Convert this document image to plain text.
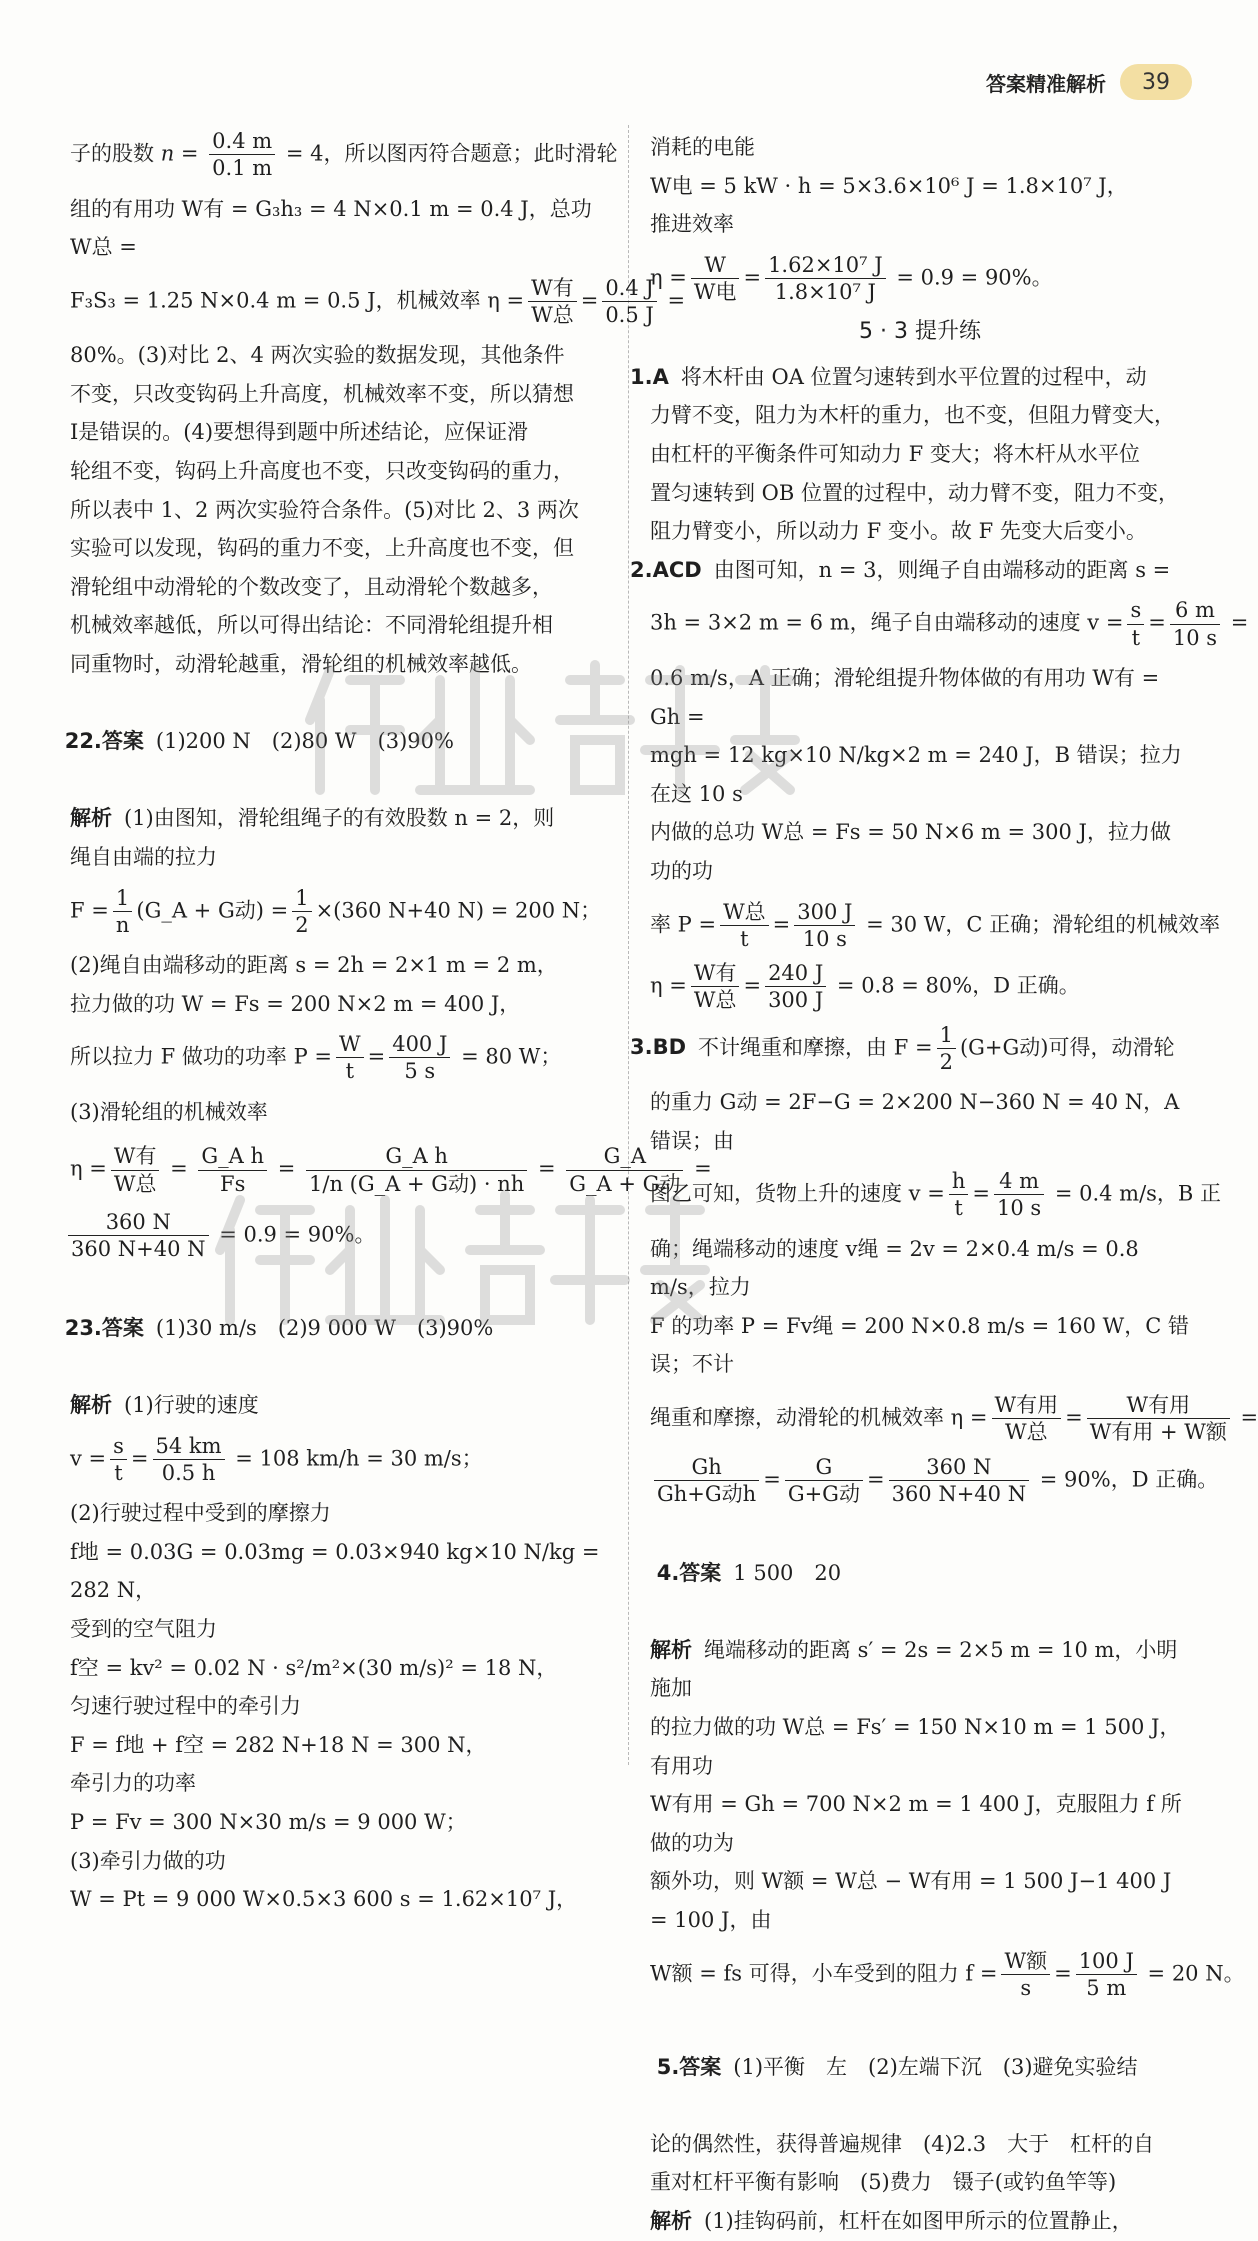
答案精准解析	39
子的股数 $n = \frac{0.4 m}{0.1 m} = 4$，所以图丙符合题意；此时滑轮
组的有用功 W有 = G₃h₃ = 4 N×0.1 m = 0.4 J，总功 W总 =
F₃S₃ = 1.25 N×0.4 m = 0.5 J，机械效率 $\eta = \frac{\text{W有}}{\text{W总}} = \frac{0.4 J}{0.5 J}$ =
80%。(3)对比 2、4 两次实验的数据发现，其他条件
不变，只改变钩码上升高度，机械效率不变，所以猜想
Ⅰ是错误的。(4)要想得到题中所述结论，应保证滑
轮组不变，钩码上升高度也不变，只改变钩码的重力，
所以表中 1、2 两次实验符合条件。(5)对比 2、3 两次
实验可以发现，钩码的重力不变，上升高度也不变，但
滑轮组中动滑轮的个数改变了，且动滑轮个数越多，
机械效率越低，所以可得出结论：不同滑轮组提升相
同重物时，动滑轮越重，滑轮组的机械效率越低。

22.答案 (1)200 N　(2)80 W　(3)90%

解析 (1)由图知，滑轮组绳子的有效股数 n = 2，则
绳自由端的拉力
$F = \frac{1}{n}$ (G_A + G动) = $\frac{1}{2} \times(360$ N+40 N) = 200 N；
(2)绳自由端移动的距离 s = 2h = 2×1 m = 2 m，
拉力做的功 W = Fs = 200 N×2 m = 400 J，
所以拉力 F 做功的功率 $P = \frac{W}{t} = \frac{400 J}{5 s} = 80$ W；
(3)滑轮组的机械效率
$\eta = \frac{\text{W有}}{\text{W总}} = \frac{\text{G\_A h}}{Fs} = \frac{\text{G\_A h}}{\text{1/n (G\_A + G动) · nh}} = \frac{G\_A}{\text{G\_A + G动}}$ =
$\frac{360 N}{360 N+40 N} = 0.9 = 90\%$。

23.答案 (1)30 m/s　(2)9 000 W　(3)90%

解析 (1)行驶的速度
$v = \frac{s}{t} = \frac{54 km}{0.5 h} = 108$ km/h = 30 m/s；
(2)行驶过程中受到的摩擦力
f地 = 0.03G = 0.03mg = 0.03×940 kg×10 N/kg = 282 N，
受到的空气阻力
f空 = kv² = 0.02 N · s²/m²×(30 m/s)² = 18 N，
匀速行驶过程中的牵引力
F = f地 + f空 = 282 N+18 N = 300 N，
牵引力的功率
P = Fv = 300 N×30 m/s = 9 000 W；
(3)牵引力做的功
W = Pt = 9 000 W×0.5×3 600 s = 1.62×10⁷ J，
消耗的电能
W电 = 5 kW · h = 5×3.6×10⁶ J = 1.8×10⁷ J，
推进效率
$\eta = \frac{W}{\text{W电}} = \frac{\text{1.62×10⁷ J}}{\text{1.8×10⁷ J}} = 0.9 = 90\%$。
5 · 3 提升练
1.A 将木杆由 OA 位置匀速转到水平位置的过程中，动
力臂不变，阻力为木杆的重力，也不变，但阻力臂变大，
由杠杆的平衡条件可知动力 F 变大；将木杆从水平位
置匀速转到 OB 位置的过程中，动力臂不变，阻力不变，
阻力臂变小，所以动力 F 变小。故 F 先变大后变小。
2.ACD 由图可知，n = 3，则绳子自由端移动的距离 s =
3h = 3×2 m = 6 m，绳子自由端移动的速度 $v = \frac{s}{t} = \frac{6 m}{10 s}$ =
0.6 m/s，A 正确；滑轮组提升物体做的有用功 W有 = Gh =
mgh = 12 kg×10 N/kg×2 m = 240 J，B 错误；拉力在这 10 s
内做的总功 W总 = Fs = 50 N×6 m = 300 J，拉力做功的功
率 $P = \frac{\text{W总}}{t} = \frac{300 J}{10 s} = 30$ W，C 正确；滑轮组的机械效率
$\eta = \frac{\text{W有}}{\text{W总}} = \frac{240 J}{300 J} = 0.8 = 80\%$，D 正确。
3.BD 不计绳重和摩擦，由 $F = \frac{1}{2} (G+G$动)可得，动滑轮
的重力 G动 = 2F−G = 2×200 N−360 N = 40 N，A 错误；由
图乙可知，货物上升的速度 $v = \frac{h}{t} = \frac{4 m}{10 s} = 0.4$ m/s，B 正
确；绳端移动的速度 v绳 = 2v = 2×0.4 m/s = 0.8 m/s，拉力
F 的功率 P = Fv绳 = 200 N×0.8 m/s = 160 W，C 错误；不计
绳重和摩擦，动滑轮的机械效率 $\eta = \frac{\text{W有用}}{\text{W总}} = \frac{\text{W有用}}{\text{W有用 + W额}}$ =
$\frac{Gh}{\text{Gh+G动h}} = \frac{G}{\text{G+G动}} = \frac{360 N}{360 N+40 N} = 90\%$，D 正确。

4.答案 1 500　20

解析 绳端移动的距离 s′ = 2s = 2×5 m = 10 m，小明施加
的拉力做的功 W总 = Fs′ = 150 N×10 m = 1 500 J，有用功
W有用 = Gh = 700 N×2 m = 1 400 J，克服阻力 f 所做的功为
额外功，则 W额 = W总 − W有用 = 1 500 J−1 400 J = 100 J，由
W额 = fs 可得，小车受到的阻力 $f = \frac{\text{W额}}{s} = \frac{100 J}{5 m} = 20$ N。

5.答案 (1)平衡　左　(2)左端下沉　(3)避免实验结

论的偶然性，获得普遍规律　(4)2.3　大于　杠杆的自
重对杠杆平衡有影响　(5)费力　镊子(或钓鱼竿等)
解析 (1)挂钩码前，杠杆在如图甲所示的位置静止，
